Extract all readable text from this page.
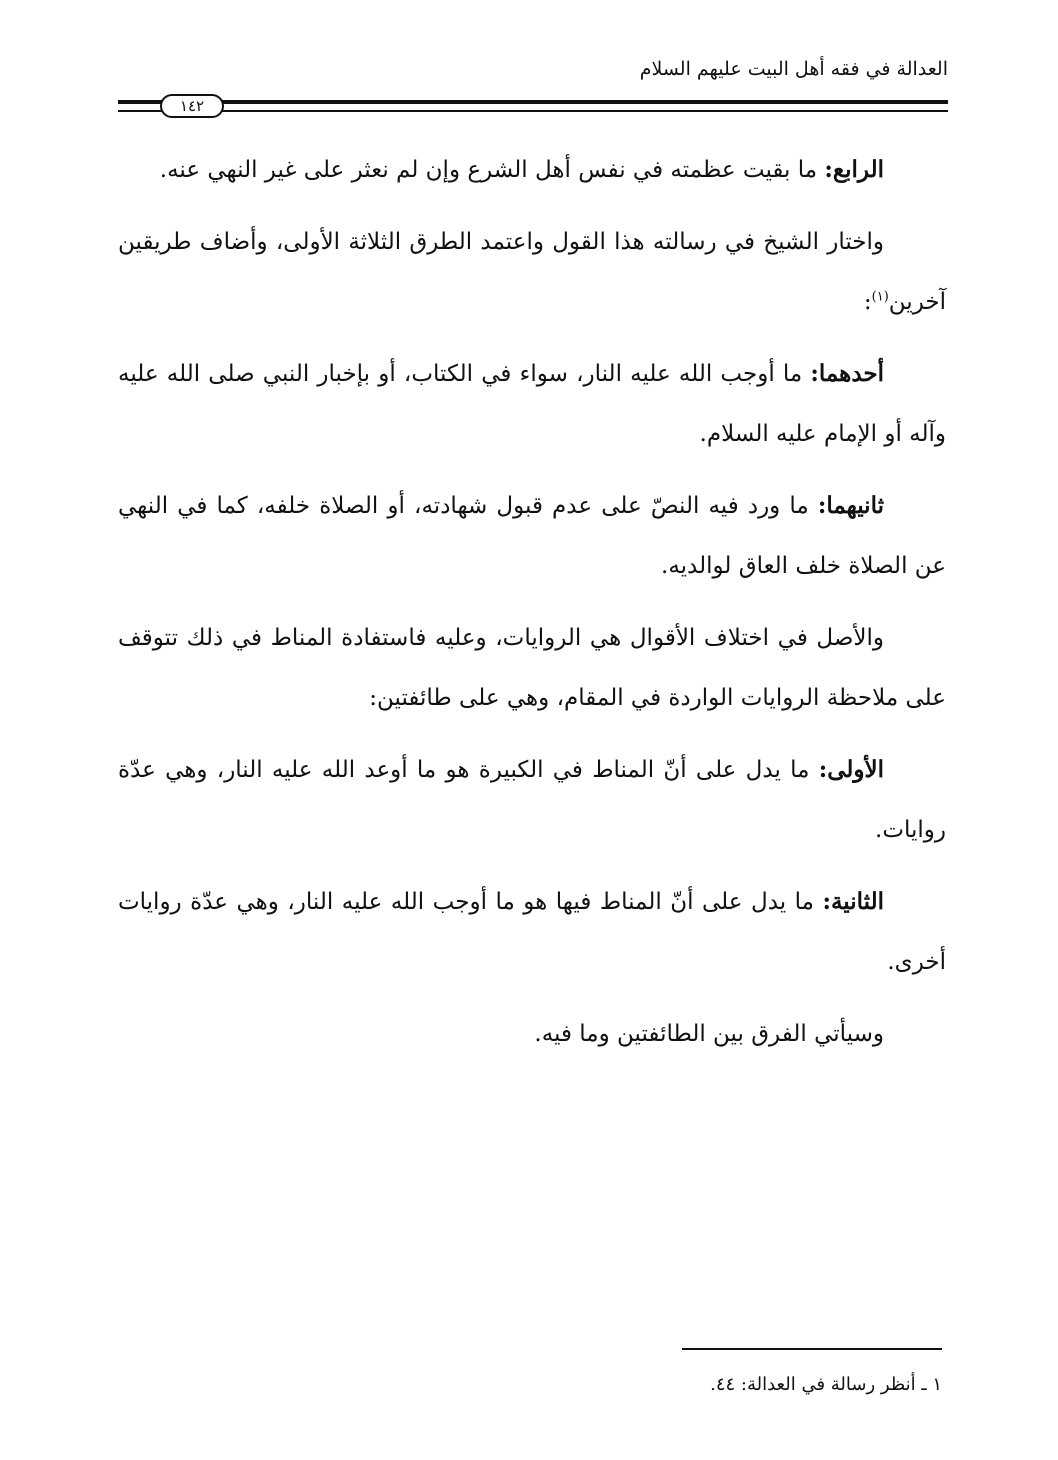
العدالة في فقه أهل البيت عليهم السلام
١٤٢

الرابع: ما بقيت عظمته في نفس أهل الشرع وإن لم نعثر على غير النهي عنه.

واختار الشيخ في رسالته هذا القول واعتمد الطرق الثلاثة الأولى، وأضاف طريقين آخرين$^{(١)}$:

أحدهما: ما أوجب الله عليه النار، سواء في الكتاب، أو بإخبار النبي صلى الله عليه وآله أو الإمام عليه السلام.

ثانيهما: ما ورد فيه النصّ على عدم قبول شهادته، أو الصلاة خلفه، كما في النهي عن الصلاة خلف العاق لوالديه.

والأصل في اختلاف الأقوال هي الروايات، وعليه فاستفادة المناط في ذلك تتوقف على ملاحظة الروايات الواردة في المقام، وهي على طائفتين:

الأولى: ما يدل على أنّ المناط في الكبيرة هو ما أوعد الله عليه النار، وهي عدّة روايات.

الثانية: ما يدل على أنّ المناط فيها هو ما أوجب الله عليه النار، وهي عدّة روايات أخرى.

وسيأتي الفرق بين الطائفتين وما فيه.

١ ـ أنظر رسالة في العدالة: ٤٤.
